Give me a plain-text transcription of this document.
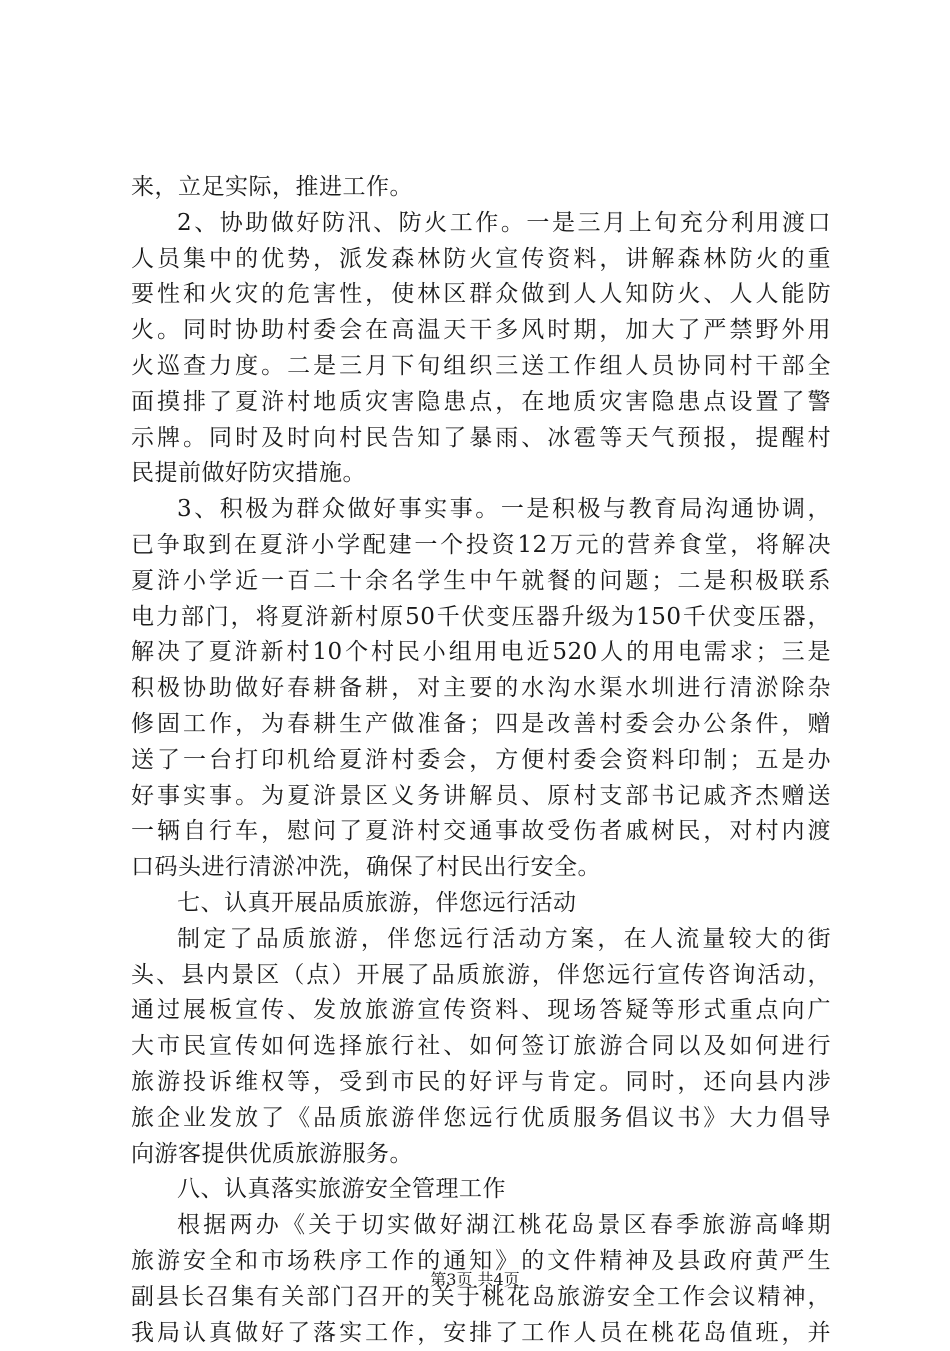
来，立足实际，推进工作。
2、协助做好防汛、防火工作。一是三月上旬充分利用渡口
人员集中的优势，派发森林防火宣传资料，讲解森林防火的重
要性和火灾的危害性，使林区群众做到人人知防火、人人能防
火。同时协助村委会在高温天干多风时期，加大了严禁野外用
火巡查力度。二是三月下旬组织三送工作组人员协同村干部全
面摸排了夏浒村地质灾害隐患点，在地质灾害隐患点设置了警
示牌。同时及时向村民告知了暴雨、冰雹等天气预报，提醒村
民提前做好防灾措施。
3、积极为群众做好事实事。一是积极与教育局沟通协调，
已争取到在夏浒小学配建一个投资12万元的营养食堂，将解决
夏浒小学近一百二十余名学生中午就餐的问题；二是积极联系
电力部门，将夏浒新村原50千伏变压器升级为150千伏变压器，
解决了夏浒新村10个村民小组用电近520人的用电需求；三是
积极协助做好春耕备耕，对主要的水沟水渠水圳进行清淤除杂
修固工作，为春耕生产做准备；四是改善村委会办公条件，赠
送了一台打印机给夏浒村委会，方便村委会资料印制；五是办
好事实事。为夏浒景区义务讲解员、原村支部书记戚齐杰赠送
一辆自行车，慰问了夏浒村交通事故受伤者戚树民，对村内渡
口码头进行清淤冲洗，确保了村民出行安全。
七、认真开展品质旅游，伴您远行活动
制定了品质旅游，伴您远行活动方案，在人流量较大的街
头、县内景区（点）开展了品质旅游，伴您远行宣传咨询活动，
通过展板宣传、发放旅游宣传资料、现场答疑等形式重点向广
大市民宣传如何选择旅行社、如何签订旅游合同以及如何进行
旅游投诉维权等，受到市民的好评与肯定。同时，还向县内涉
旅企业发放了《品质旅游伴您远行优质服务倡议书》大力倡导
向游客提供优质旅游服务。
八、认真落实旅游安全管理工作
根据两办《关于切实做好湖江桃花岛景区春季旅游高峰期
旅游安全和市场秩序工作的通知》的文件精神及县政府黄严生
副县长召集有关部门召开的关于桃花岛旅游安全工作会议精神，
我局认真做好了落实工作，安排了工作人员在桃花岛值班，并
第3页 共4页
